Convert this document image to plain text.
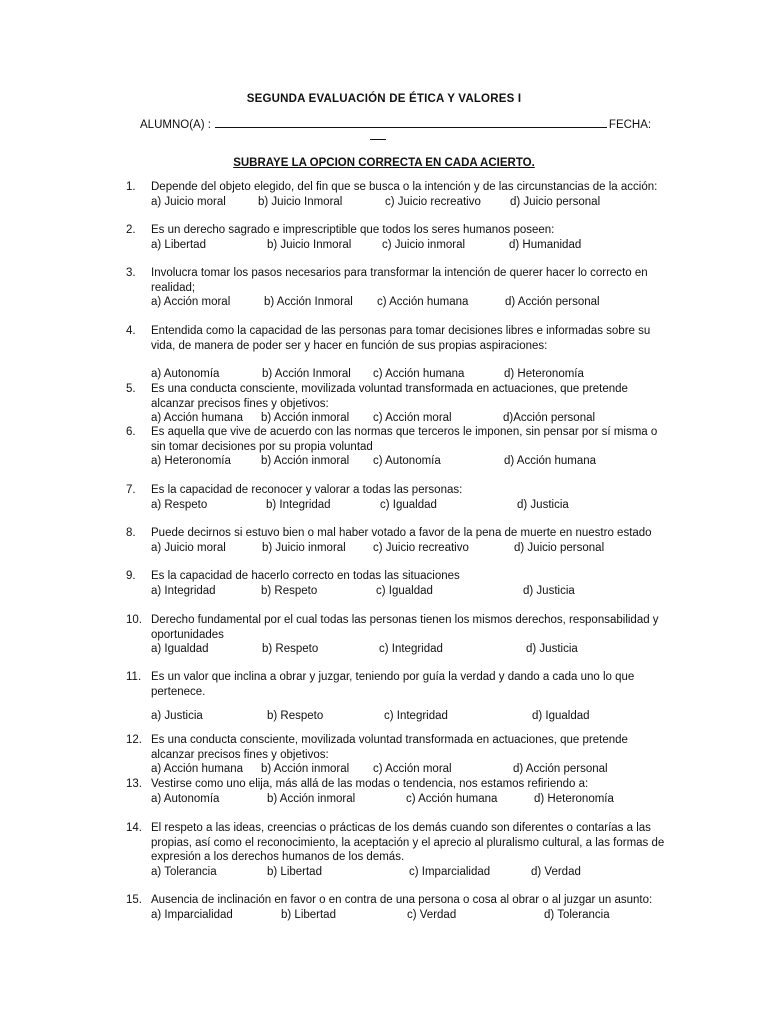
SEGUNDA EVALUACIÓN DE ÉTICA Y VALORES I
ALUMNO(A) :	FECHA:
SUBRAYE LA OPCION CORRECTA EN CADA ACIERTO.
1.	Depende del objeto elegido, del fin que se busca o la intención y de las circunstancias de la acción:
a) Juicio moral	b) Juicio Inmoral	c) Juicio recreativo	d) Juicio personal
2.	Es un derecho sagrado e imprescriptible que todos los seres humanos poseen:
a) Libertad	b) Juicio Inmoral	c) Juicio inmoral	d) Humanidad
3.	Involucra tomar los pasos necesarios para transformar la intención de querer hacer lo correcto en realidad;
a) Acción moral	b) Acción Inmoral c) Acción humana	d) Acción personal
4.	Entendida como la capacidad de las personas para tomar decisiones libres e informadas sobre su vida, de manera de poder ser y hacer en función de sus propias aspiraciones:
a) Autonomía	b) Acción Inmoral c) Acción humana	d) Heteronomía
5.	Es una conducta consciente, movilizada voluntad transformada en actuaciones, que pretende alcanzar precisos fines y objetivos:
a) Acción humana b) Acción inmoral c) Acción moral	d)Acción personal
6.	Es aquella que vive de acuerdo con las normas que terceros le imponen, sin pensar por sí misma o sin tomar decisiones por su propia voluntad
a) Heteronomía	b) Acción inmoral c) Autonomía	d) Acción humana
7.	Es la capacidad de reconocer y valorar a todas las personas:
a) Respeto	b) Integridad	c) Igualdad	d) Justicia
8.	Puede decirnos si estuvo bien o mal haber votado a favor de la pena de muerte en nuestro estado
a) Juicio moral	b) Juicio inmoral c) Juicio recreativo	d) Juicio personal
9.	Es la capacidad de hacerlo correcto en todas las situaciones
a) Integridad	b) Respeto	c) Igualdad	d) Justicia
10. Derecho fundamental por el cual todas las personas tienen los mismos derechos, responsabilidad y oportunidades
a) Igualdad	b) Respeto	c) Integridad	d) Justicia
11. Es un valor que inclina a obrar y juzgar, teniendo por guía la verdad y dando a cada uno lo que pertenece.
a) Justicia	b) Respeto	c) Integridad	d) Igualdad
12. Es una conducta consciente, movilizada voluntad transformada en actuaciones, que pretende alcanzar precisos fines y objetivos:
a) Acción humana b) Acción inmoral c) Acción moral	d) Acción personal
13. Vestirse como uno elija, más allá de las modas o tendencia, nos estamos refiriendo a:
a) Autonomía	b) Acción inmoral	c) Acción humana	d) Heteronomía
14. El respeto a las ideas, creencias o prácticas de los demás cuando son diferentes o contarías a las propias, así como el reconocimiento, la aceptación y el aprecio al pluralismo cultural, a las formas de expresión a los derechos humanos de los demás.
a) Tolerancia	b) Libertad	c) Imparcialidad	d) Verdad
15. Ausencia de inclinación en favor o en contra de una persona o cosa al obrar o al juzgar un asunto:
a) Imparcialidad	b) Libertad	c) Verdad	d) Tolerancia
